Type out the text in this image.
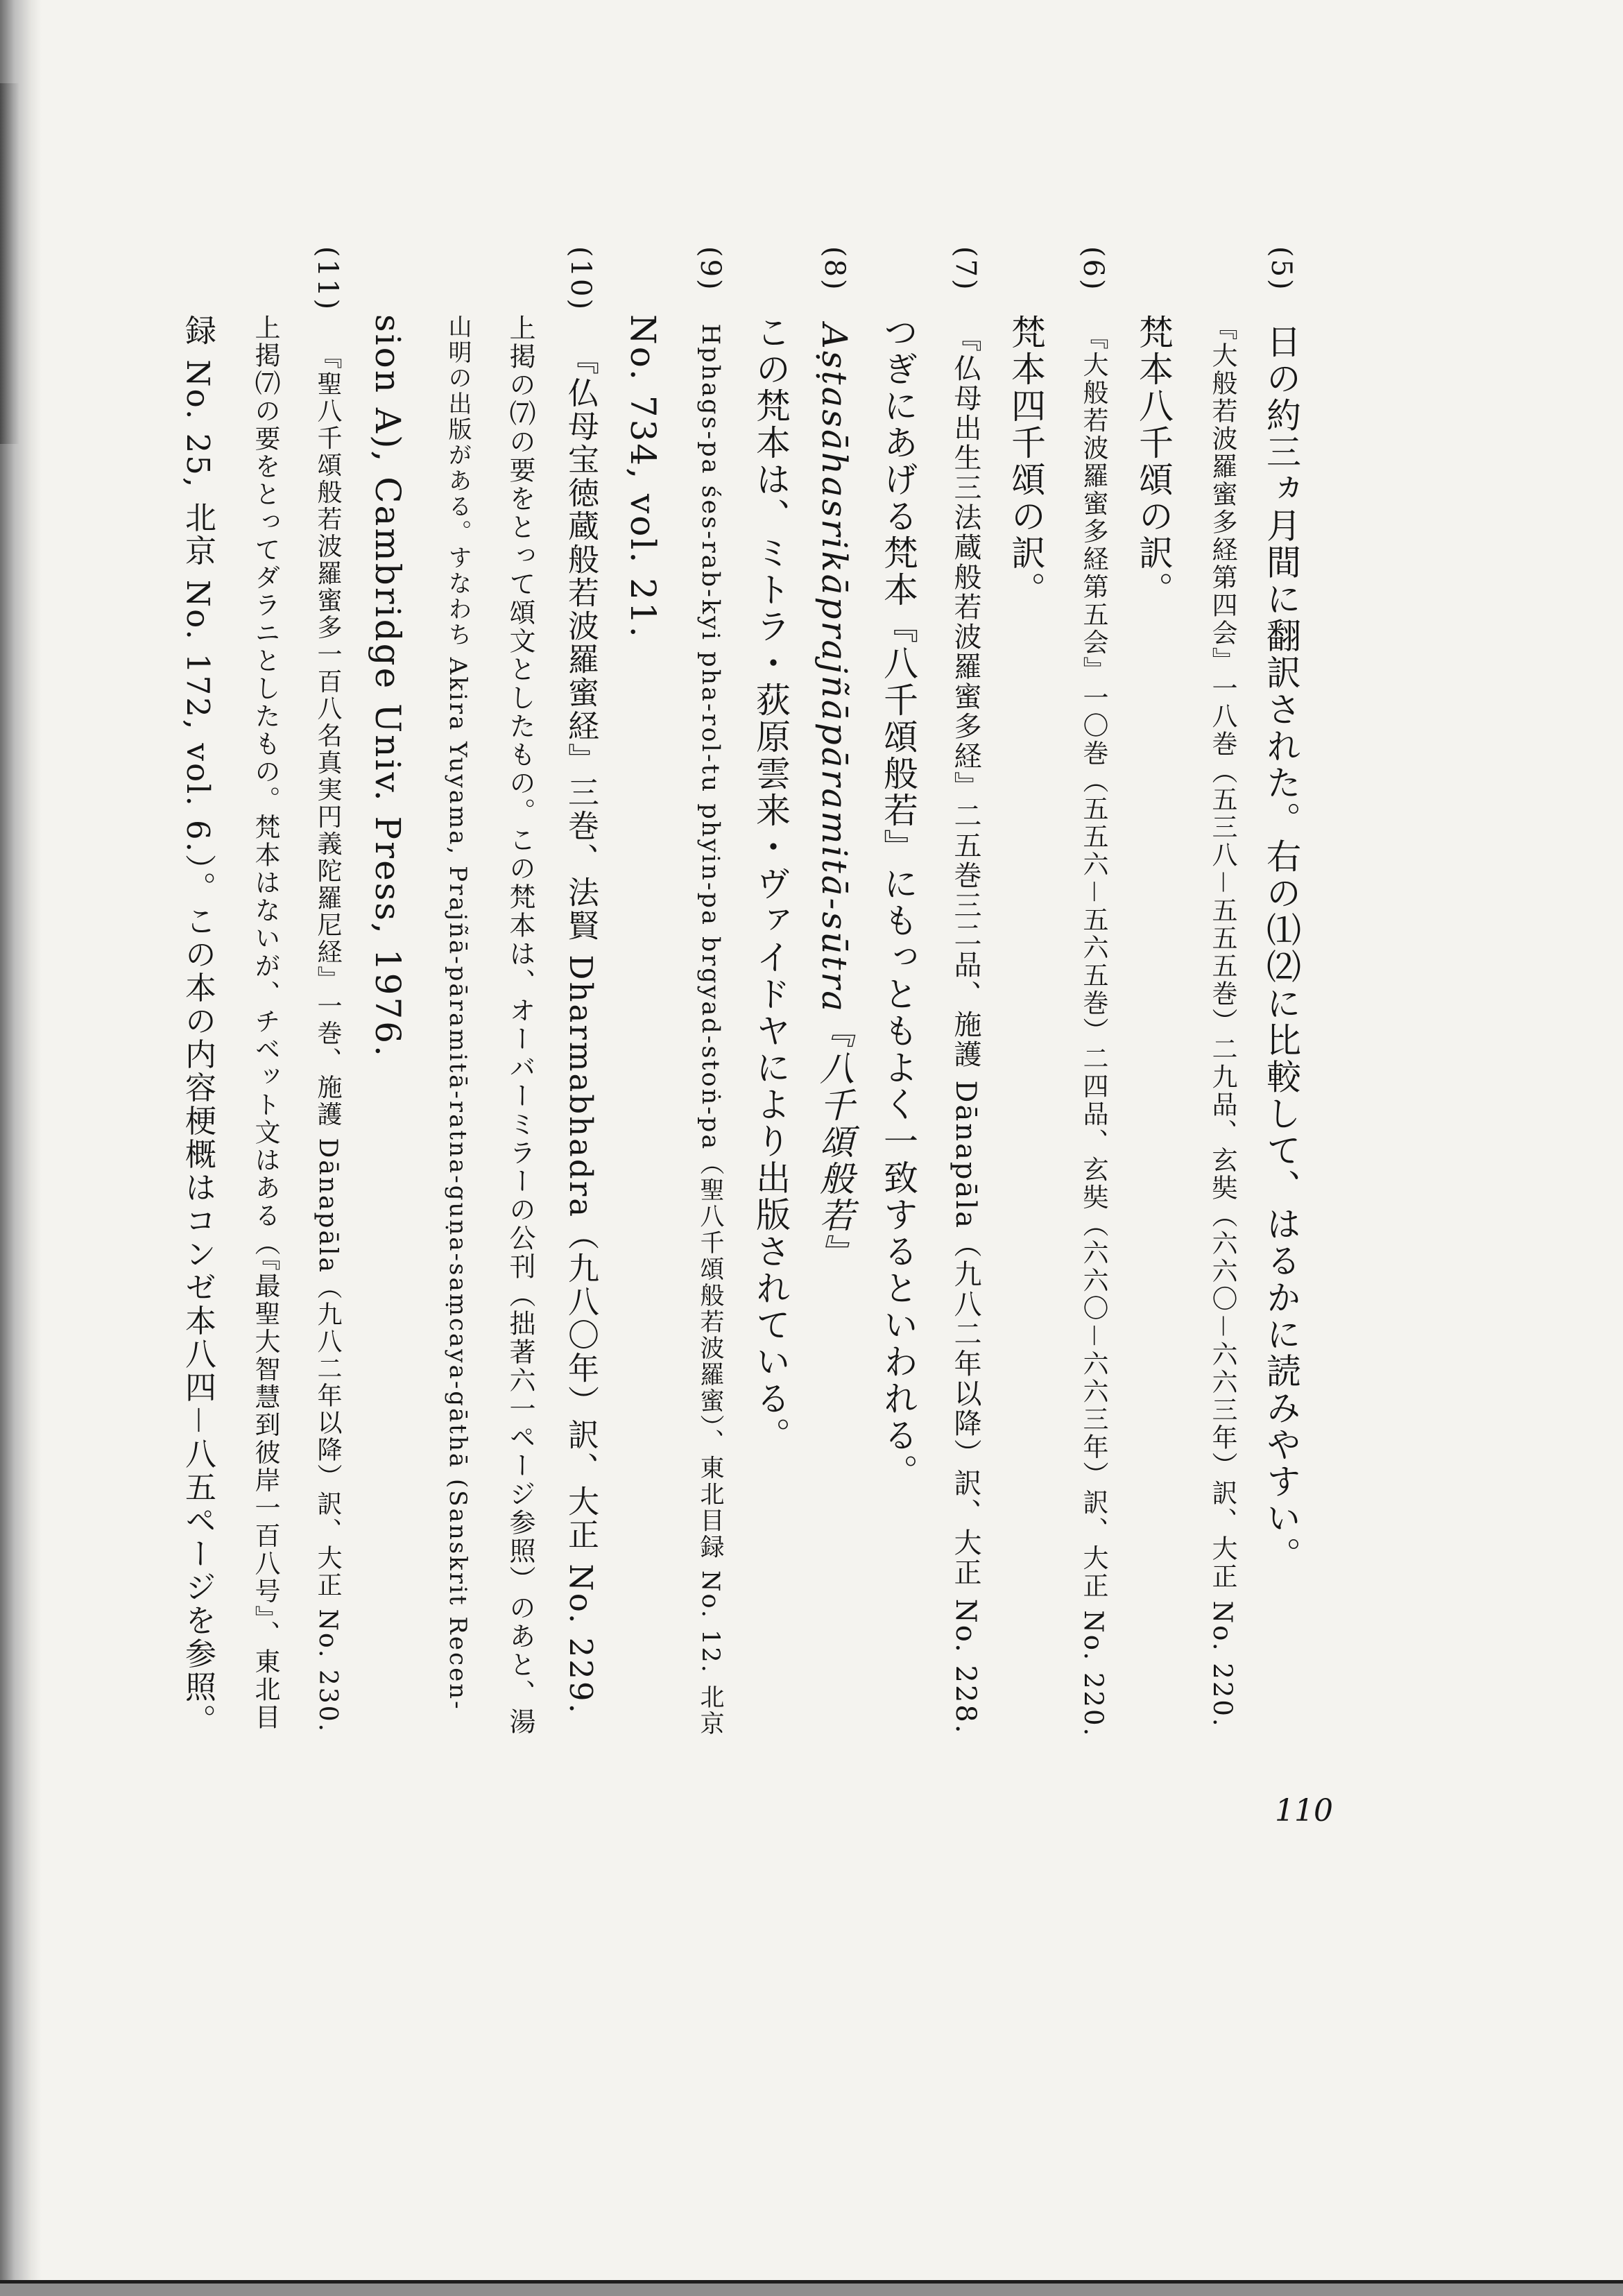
(5)日の約三ヵ月間に翻訳された。右の⑴⑵に比較して、はるかに読みやすい。
『大般若波羅蜜多経第四会』一八巻（五三八－五五五巻）二九品、玄奘（六六〇－六六三年）訳、大正 No. 220.
梵本八千頌の訳。
(6)『大般若波羅蜜多経第五会』一〇巻（五五六－五六五巻）二四品、玄奘（六六〇－六六三年）訳、大正 No. 220.
梵本四千頌の訳。
(7)『仏母出生三法蔵般若波羅蜜多経』二五巻三二品、施護 Dānapāla（九八二年以降）訳、大正 No. 228.
つぎにあげる梵本『八千頌般若』にもっともよく一致するといわれる。
(8)Aṣṭasāhasrikāprajñāpāramitā-sūtra『八千頌般若』
この梵本は、ミトラ・荻原雲来・ヴァイドヤにより出版されている。
(9)Hphags-pa śes-rab-kyi pha-rol-tu phyin-pa brgyad-stoṅ-pa（聖八千頌般若波羅蜜）、東北目録 No. 12. 北京
No. 734, vol. 21.
(10)『仏母宝徳蔵般若波羅蜜経』三巻、法賢 Dharmabhadra（九八〇年）訳、大正 No. 229.
上掲の⑺の要をとって頌文としたもの。この梵本は、オーバーミラーの公刊（拙著六一ページ参照）のあと、湯
山明の出版がある。すなわち Akira Yuyama, Prajñā-pāramitā-ratna-guṇa-saṃcaya-gāthā (Sanskrit Recen-
sion A), Cambridge Univ. Press, 1976.
(11)『聖八千頌般若波羅蜜多一百八名真実円義陀羅尼経』一巻、施護 Dānapāla（九八二年以降）訳、大正 No. 230.
上掲⑺の要をとってダラニとしたもの。梵本はないが、チベット文はある（『最聖大智慧到彼岸一百八号』、東北目
録 No. 25, 北京 No. 172, vol. 6.）。この本の内容梗概はコンゼ本八四－八五ページを参照。
110
